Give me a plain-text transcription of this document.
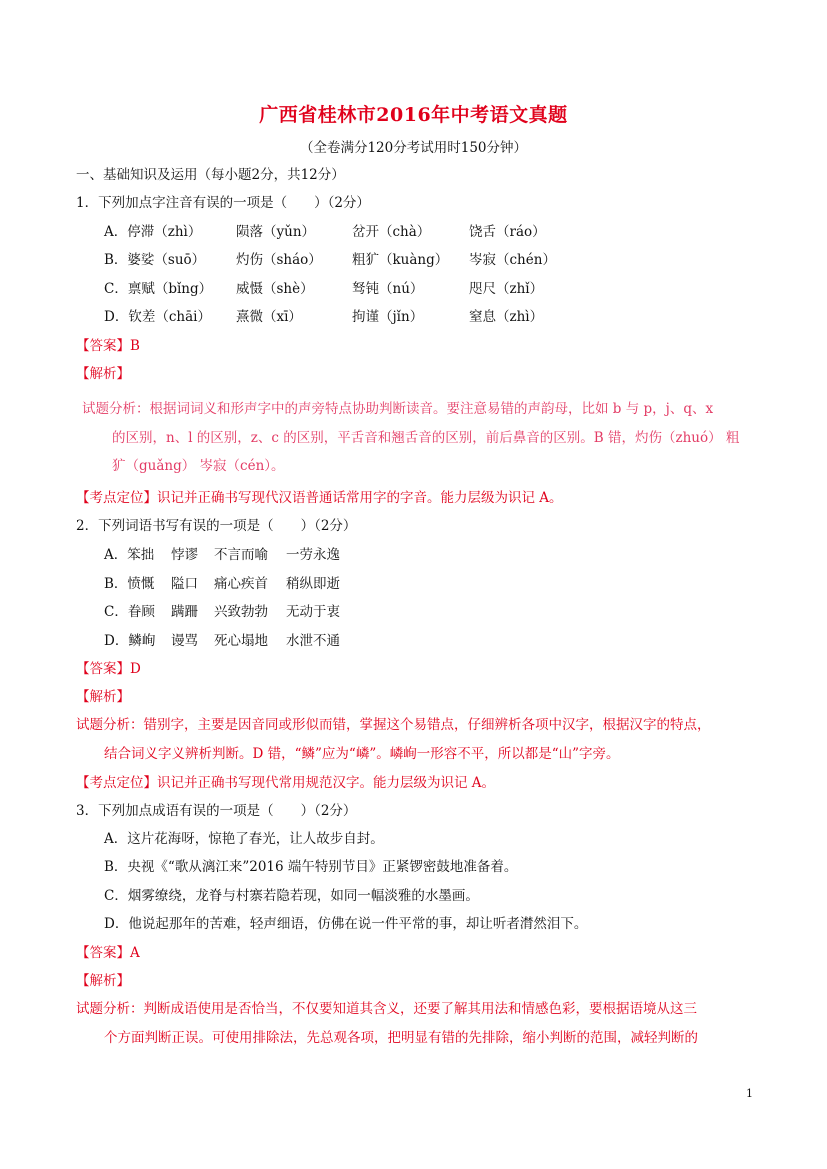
广西省桂林市2016年中考语文真题
（全卷满分120分考试用时150分钟）
一、基础知识及运用（每小题2分，共12分）
1．下列加点字注音有误的一项是（　　）（2分）
A．停滞（zhì）	陨落（yǔn）	岔开（chà）	饶舌（ráo）
B．婆娑（suō） 灼伤（sháo） 粗犷（kuàng） 岑寂（chén）
C．禀赋（bǐng） 威慑（shè）	驽钝（nú）	咫尺（zhǐ）
D．钦差（chāi） 熹微（xī）	拘谨（jǐn）	窒息（zhì）
【答案】B
【解析】
试题分析：根据词词义和形声字中的声旁特点协助判断读音。要注意易错的声韵母，比如 b 与 p，j、q、x
的区别，n、l 的区别，z、c 的区别，平舌音和翘舌音的区别，前后鼻音的区别。B 错，灼伤（zhuó） 粗
犷（guǎng） 岑寂（cén）。
【考点定位】识记并正确书写现代汉语普通话常用字的字音。能力层级为识记 A。
2．下列词语书写有误的一项是（　　）（2分）
A．笨拙 悖谬 不言而喻 一劳永逸
B．愤慨 隘口 痛心疾首 稍纵即逝
C．眷顾 蹒跚 兴致勃勃 无动于衷
D．鳞峋 谩骂 死心塌地 水泄不通
【答案】D
【解析】
试题分析：错别字，主要是因音同或形似而错，掌握这个易错点，仔细辨析各项中汉字，根据汉字的特点，
结合词义字义辨析判断。D 错，“鳞”应为“嶙”。嶙峋一形容不平，所以都是“山”字旁。
【考点定位】识记并正确书写现代常用规范汉字。能力层级为识记 A。
3．下列加点成语有误的一项是（　　）（2分）
A．这片花海呀，惊艳了春光，让人故步自封。
B．央视《“歌从漓江来”2016 端午特别节目》正紧锣密鼓地准备着。
C．烟雾缭绕，龙脊与村寨若隐若现，如同一幅淡雅的水墨画。
D．他说起那年的苦难，轻声细语，仿佛在说一件平常的事，却让听者潸然泪下。
【答案】A
【解析】
试题分析：判断成语使用是否恰当，不仅要知道其含义，还要了解其用法和情感色彩，要根据语境从这三
个方面判断正误。可使用排除法，先总观各项，把明显有错的先排除，缩小判断的范围，减轻判断的
1
